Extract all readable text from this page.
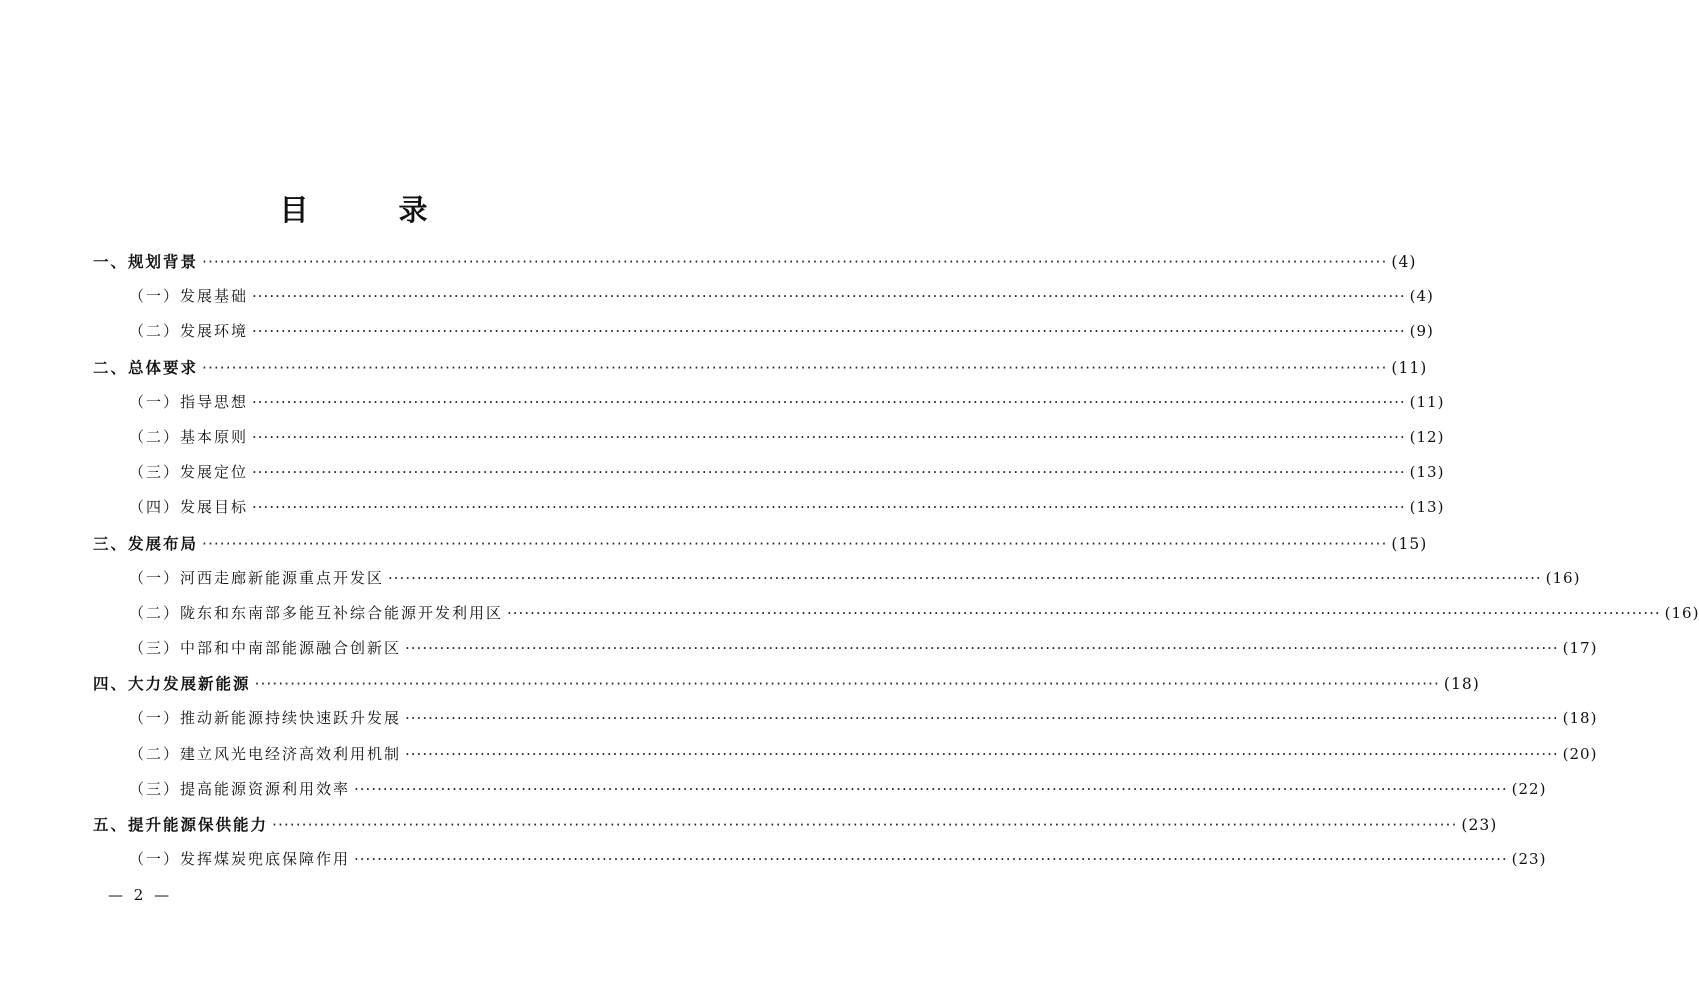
目 录
一、规划背景 ········································································································································································································ (4)
（一）发展基础 ········································································································································································································ (4)
（二）发展环境 ········································································································································································································ (9)
二、总体要求 ········································································································································································································ (11)
（一）指导思想 ········································································································································································································ (11)
（二）基本原则 ········································································································································································································ (12)
（三）发展定位 ········································································································································································································ (13)
（四）发展目标 ········································································································································································································ (13)
三、发展布局 ········································································································································································································ (15)
（一）河西走廊新能源重点开发区 ········································································································································································································ (16)
（二）陇东和东南部多能互补综合能源开发利用区 ········································································································································································································ (16)
（三）中部和中南部能源融合创新区 ········································································································································································································ (17)
四、大力发展新能源 ········································································································································································································ (18)
（一）推动新能源持续快速跃升发展 ········································································································································································································ (18)
（二）建立风光电经济高效利用机制 ········································································································································································································ (20)
（三）提高能源资源利用效率 ········································································································································································································ (22)
五、提升能源保供能力 ········································································································································································································ (23)
（一）发挥煤炭兜底保障作用 ········································································································································································································ (23)
— 2 —
